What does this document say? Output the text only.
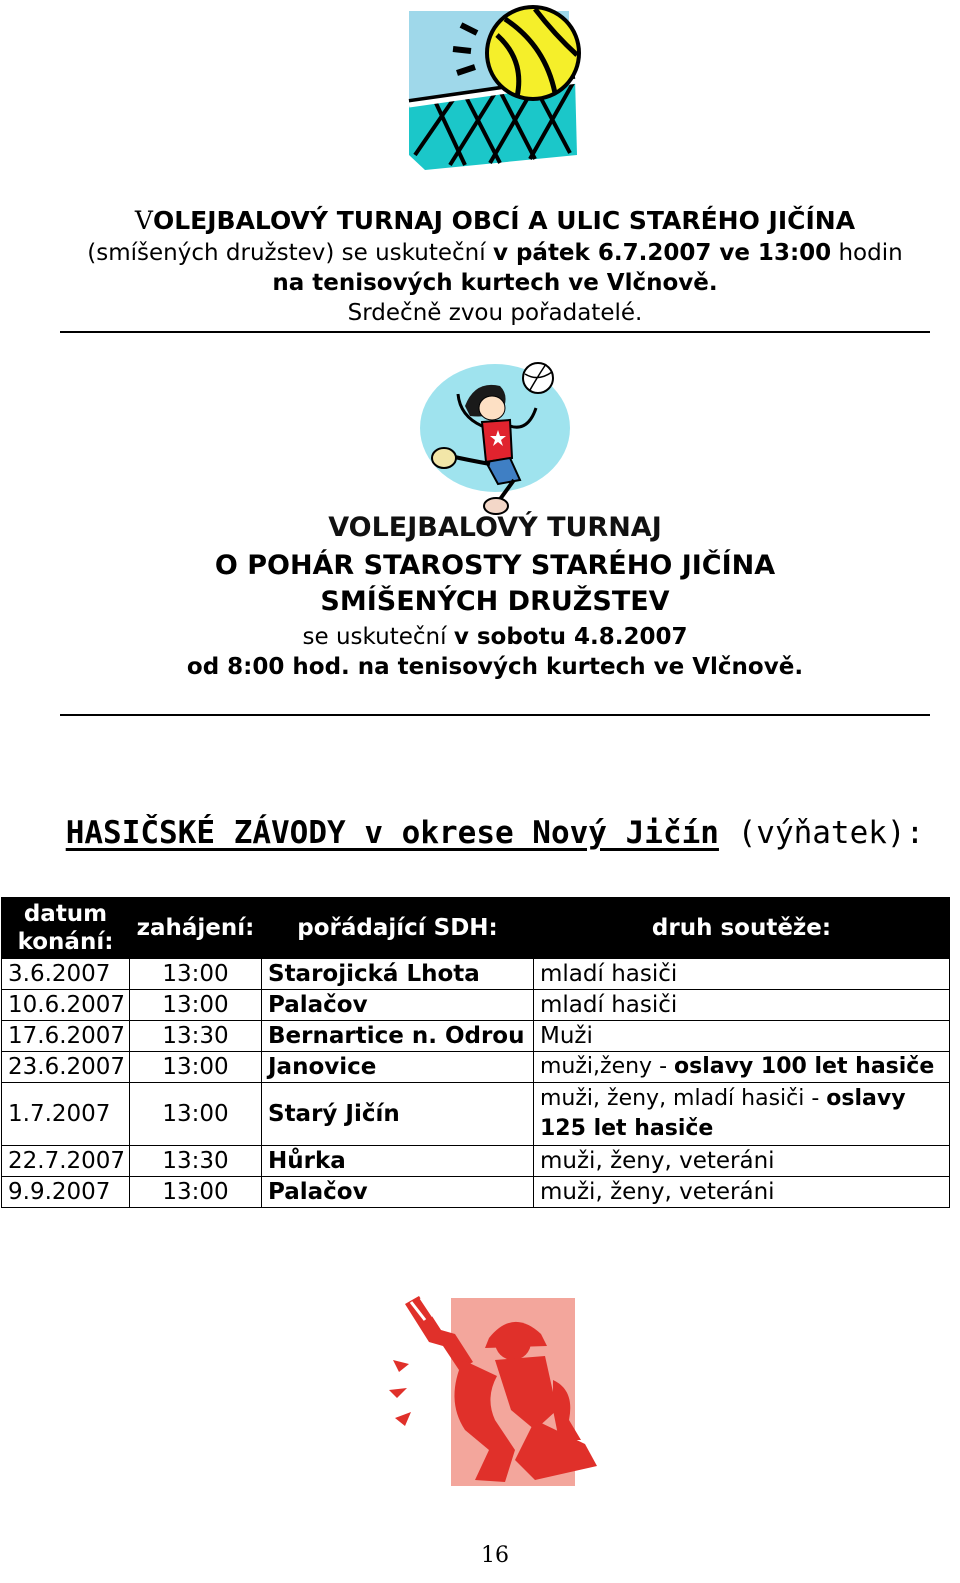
VOLEJBALOVÝ TURNAJ OBCÍ A ULIC STARÉHO JIČÍNA
(smíšených družstev) se uskuteční v pátek 6.7.2007 ve 13:00 hodin
na tenisových kurtech ve Vlčnově.
Srdečně zvou pořadatelé.
VOLEJBALOVÝ TURNAJ
O POHÁR STAROSTY STARÉHO JIČÍNA
SMÍŠENÝCH DRUŽSTEV
se uskuteční v sobotu 4.8.2007
od 8:00 hod. na tenisových kurtech ve Vlčnově.
HASIČSKÉ ZÁVODY v okrese Nový Jičín (výňatek):
datum konání:	zahájení:	pořádající SDH:	druh soutěže:
3.6.2007	13:00	Starojická Lhota	mladí hasiči
10.6.2007	13:00	Palačov	mladí hasiči
17.6.2007	13:30	Bernartice n. Odrou	Muži
23.6.2007	13:00	Janovice	muži,ženy - oslavy 100 let hasiče
1.7.2007	13:00	Starý Jičín	muži, ženy, mladí hasiči - oslavy 125 let hasiče
22.7.2007	13:30	Hůrka	muži, ženy, veteráni
9.9.2007	13:00	Palačov	muži, ženy, veteráni
16
